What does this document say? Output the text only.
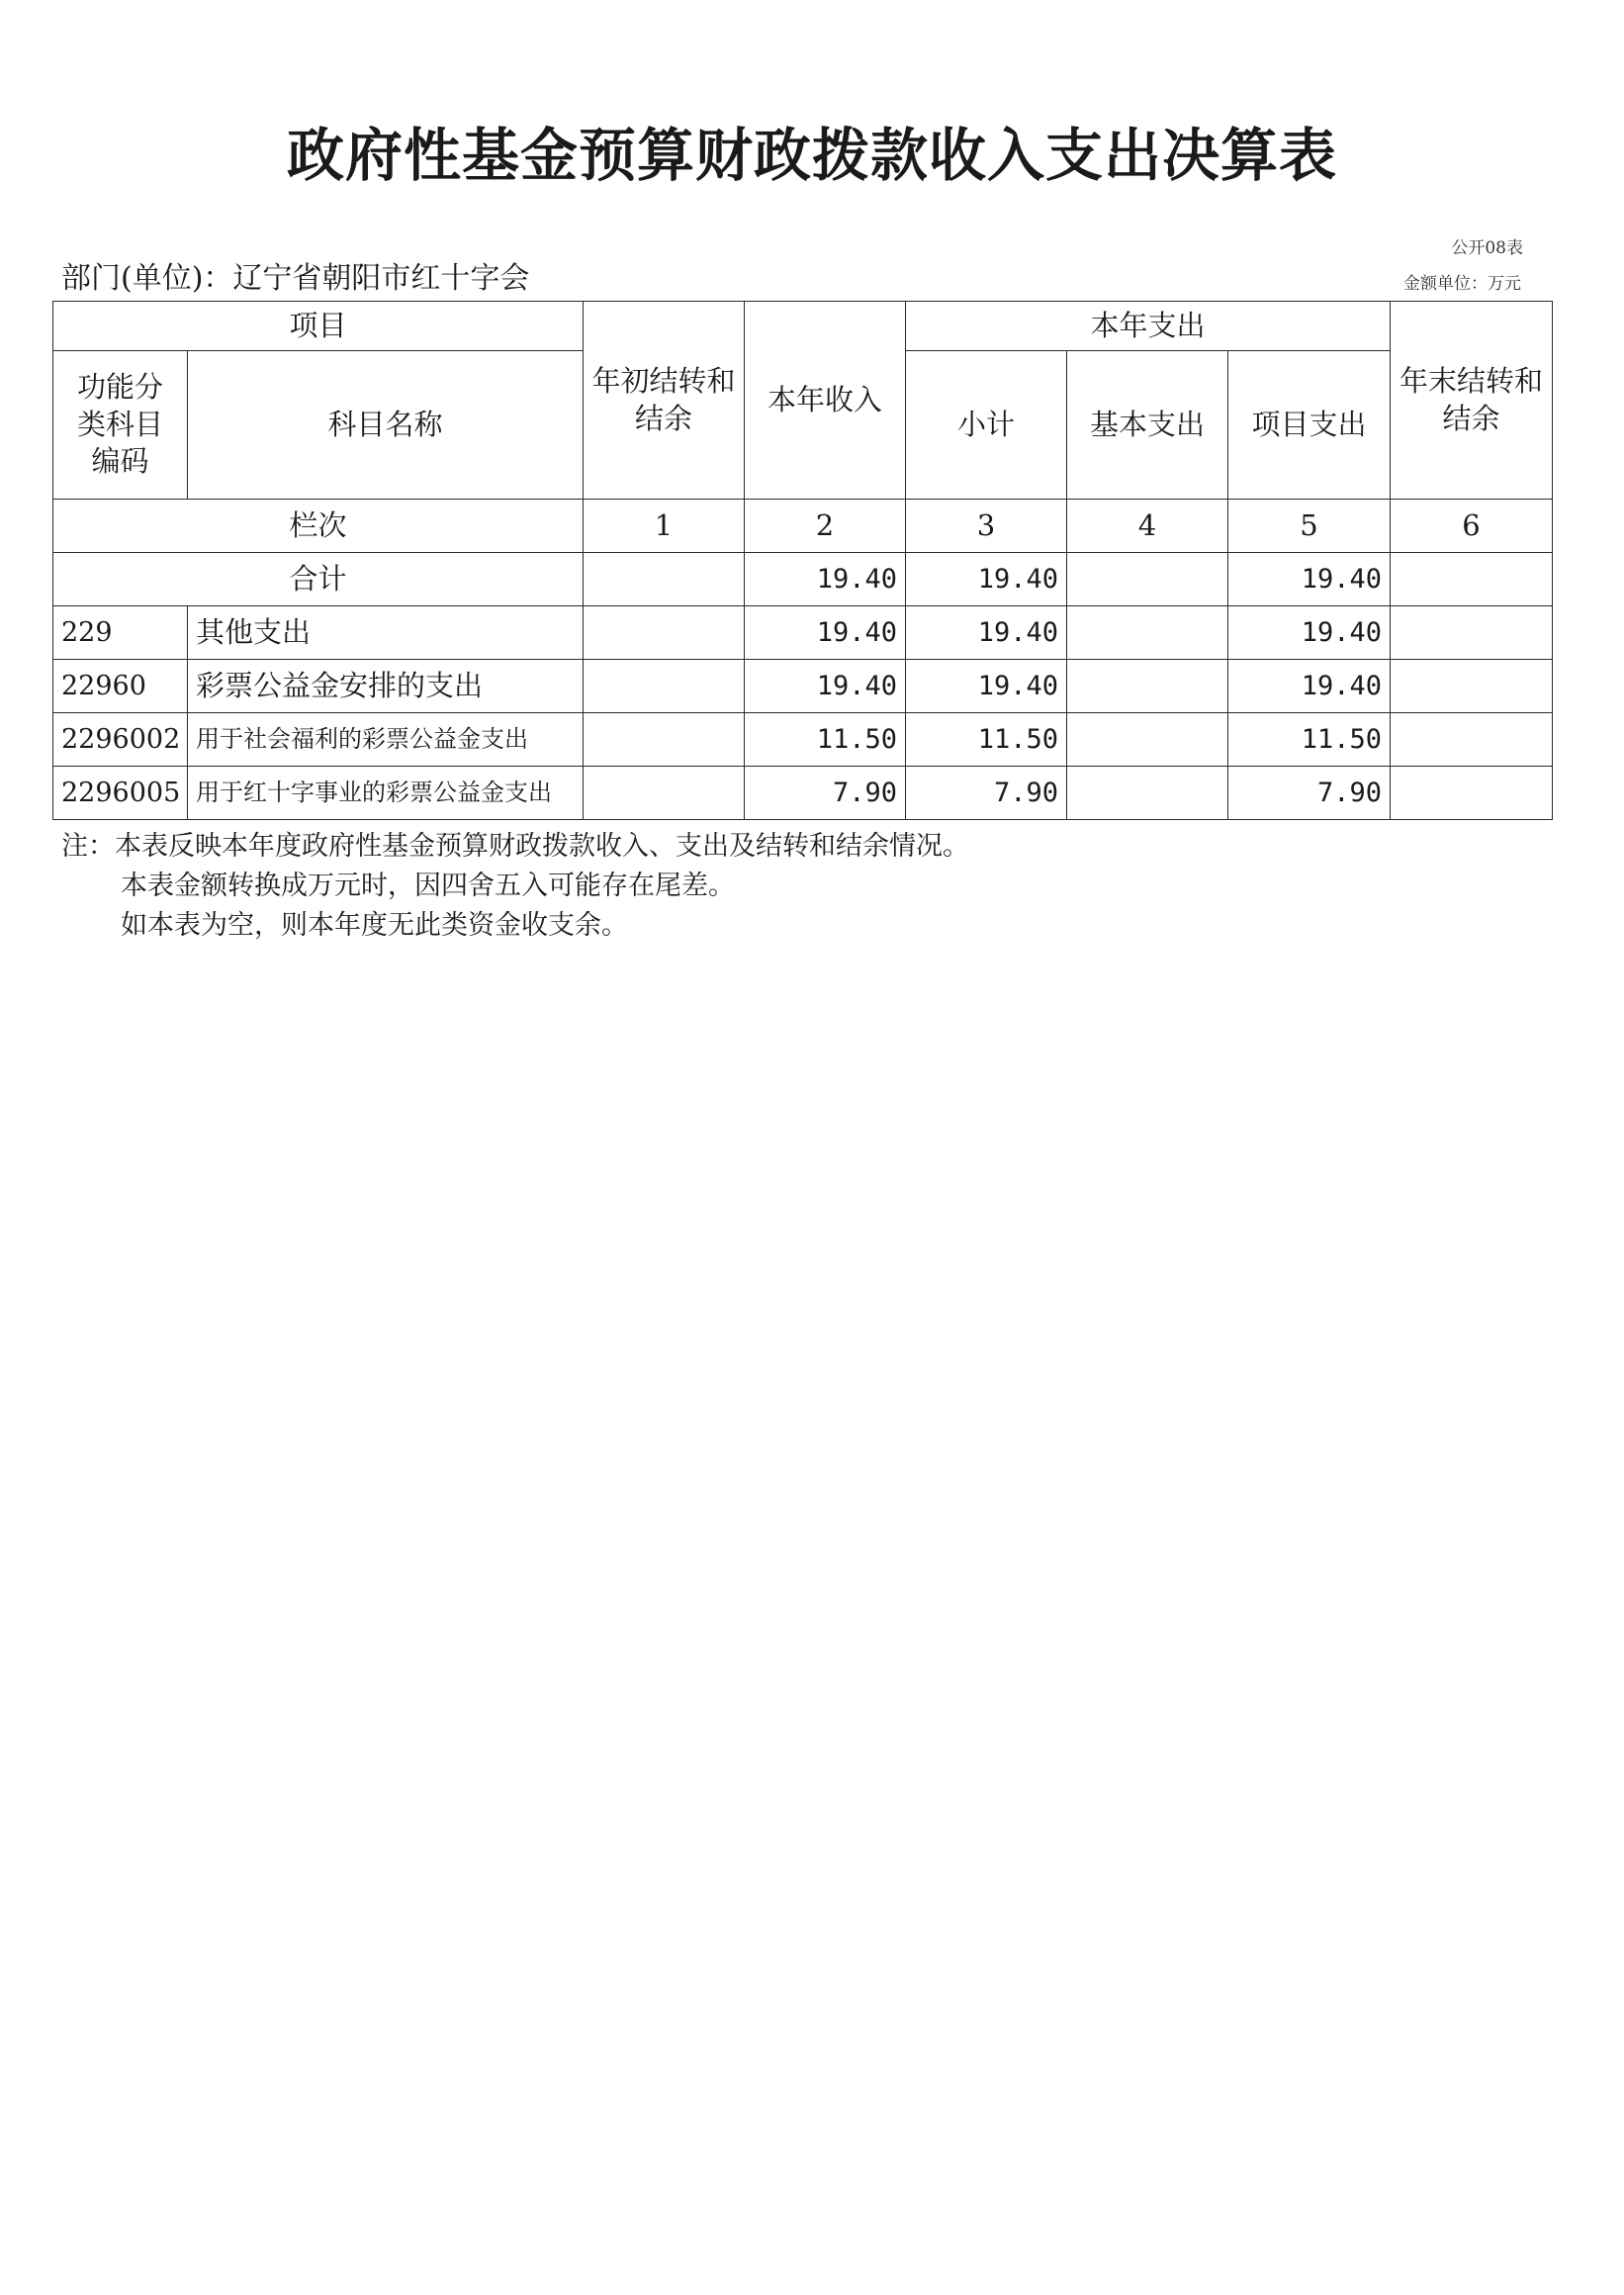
政府性基金预算财政拨款收入支出决算表
公开08表
金额单位：万元
部门(单位)：辽宁省朝阳市红十字会
项目		年初结转和结余	本年收入	本年支出			年末结转和结余
功能分类科目编码	科目名称			小计	基本支出	项目支出	
栏次		1	2	3	4	5	6
合计			19.40	19.40		19.40	
229	其他支出		19.40	19.40		19.40	
22960	彩票公益金安排的支出		19.40	19.40		19.40	
2296002	用于社会福利的彩票公益金支出		11.50	11.50		11.50	
2296005	用于红十字事业的彩票公益金支出		7.90	7.90		7.90	
注：本表反映本年度政府性基金预算财政拨款收入、支出及结转和结余情况。
本表金额转换成万元时，因四舍五入可能存在尾差。
如本表为空，则本年度无此类资金收支余。
